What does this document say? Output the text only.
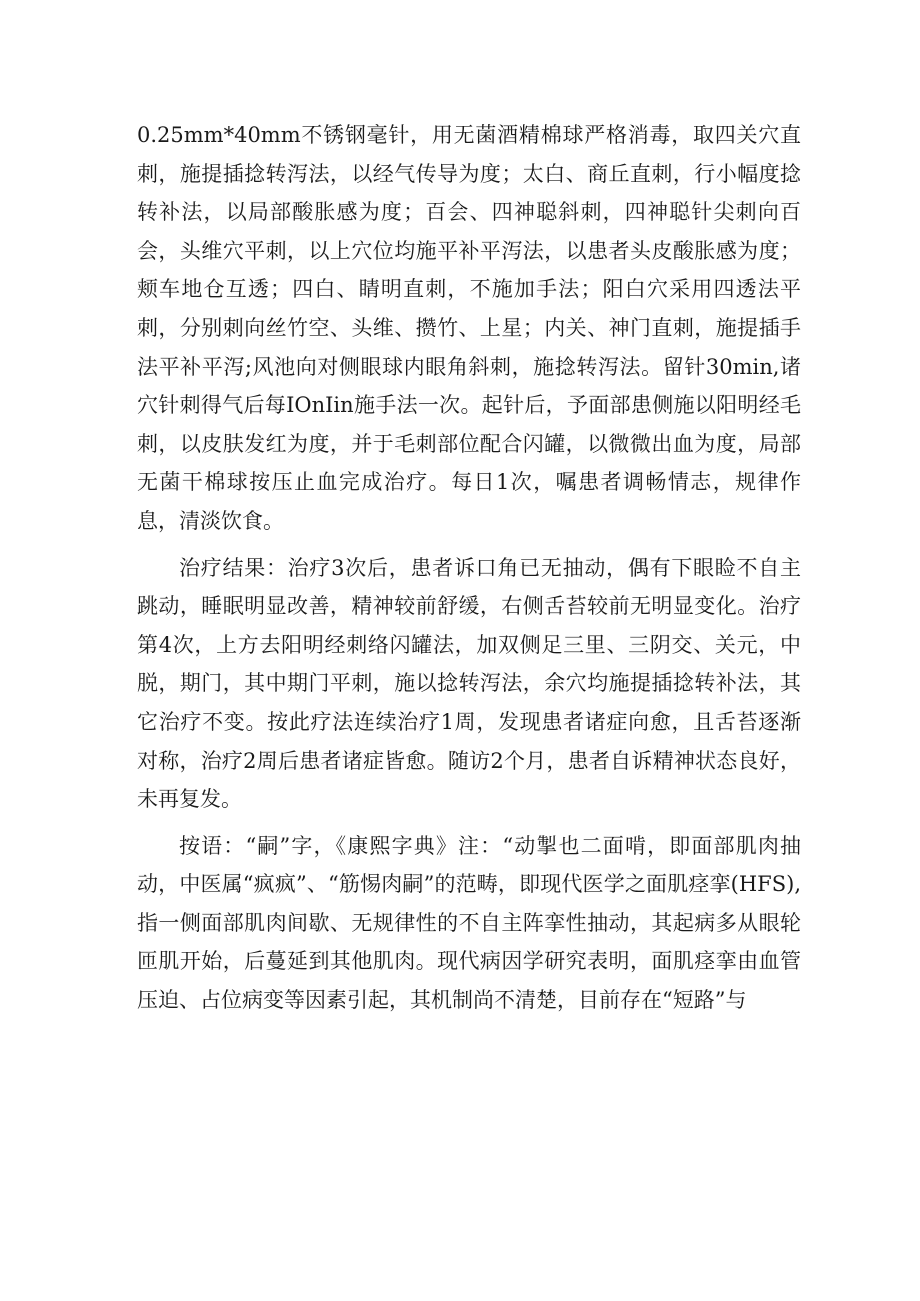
0.25mm*40mm不锈钢毫针，用无菌酒精棉球严格消毒，取四关穴直刺，施提插捻转泻法，以经气传导为度；太白、商丘直刺，行小幅度捻转补法，以局部酸胀感为度；百会、四神聪斜刺，四神聪针尖刺向百会，头维穴平刺，以上穴位均施平补平泻法，以患者头皮酸胀感为度；颊车地仓互透；四白、睛明直刺，不施加手法；阳白穴采用四透法平刺，分别刺向丝竹空、头维、攒竹、上星；内关、神门直刺，施提插手法平补平泻;风池向对侧眼球内眼角斜刺，施捻转泻法。留针30min,诸穴针刺得气后每IOnIin施手法一次。起针后，予面部患侧施以阳明经毛刺，以皮肤发红为度，并于毛刺部位配合闪罐，以微微出血为度，局部无菌干棉球按压止血完成治疗。每日1次，嘱患者调畅情志，规律作息，清淡饮食。

治疗结果：治疗3次后，患者诉口角已无抽动，偶有下眼睑不自主跳动，睡眠明显改善，精神较前舒缓，右侧舌苔较前无明显变化。治疗第4次，上方去阳明经刺络闪罐法，加双侧足三里、三阴交、关元，中脱，期门，其中期门平刺，施以捻转泻法，余穴均施提插捻转补法，其它治疗不变。按此疗法连续治疗1周，发现患者诸症向愈，且舌苔逐渐对称，治疗2周后患者诸症皆愈。随访2个月，患者自诉精神状态良好，未再复发。

按语：“嗣”字，《康熙字典》注：“动掣也二面啃，即面部肌肉抽动，中医属“疯疯”、“筋惕肉嗣”的范畴，即现代医学之面肌痉挛(HFS),指一侧面部肌肉间歇、无规律性的不自主阵挛性抽动，其起病多从眼轮匝肌开始，后蔓延到其他肌肉。现代病因学研究表明，面肌痉挛由血管压迫、占位病变等因素引起，其机制尚不清楚，目前存在“短路”与
